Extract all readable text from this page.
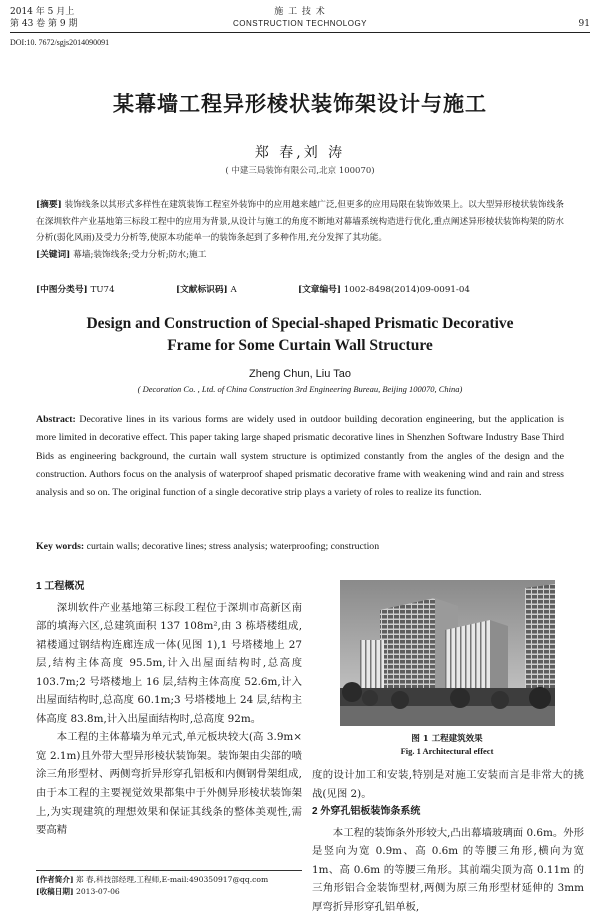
2014 年 5 月上	施 工 技 术
第 43 卷 第 9 期	CONSTRUCTION TECHNOLOGY	91
DOI:10. 7672/sgjs2014090091
某幕墙工程异形棱状装饰架设计与施工
郑 春,刘 涛
( 中建三局装饰有限公司,北京 100070)
[摘要] 装饰线条以其形式多样性在建筑装饰工程室外装饰中的应用越来越广泛,但更多的应用局限在装饰效果上。以大型异形棱状装饰线条在深圳软件产业基地第三标段工程中的应用为背景,从设计与施工的角度不断地对幕墙系统构造进行优化,重点阐述异形棱状装饰构架的防水分析(弱化风雨)及受力分析等,使原本功能单一的装饰条起到了多种作用,充分发挥了其功能。
[关键词] 幕墙;装饰线条;受力分析;防水;施工
[中图分类号] TU74	[文献标识码] A	[文章编号] 1002-8498(2014)09-0091-04
Design and Construction of Special-shaped Prismatic Decorative
Frame for Some Curtain Wall Structure
Zheng Chun, Liu Tao
( Decoration Co. , Ltd. of China Construction 3rd Engineering Bureau, Beijing 100070, China)
Abstract: Decorative lines in its various forms are widely used in outdoor building decoration engineering, but the application is more limited in decorative effect. This paper taking large shaped prismatic decorative lines in Shenzhen Software Industry Base Third Bids as engineering background, the curtain wall system structure is optimized constantly from the angles of the design and the construction. Authors focus on the analysis of waterproof shaped prismatic decorative frame with weakening wind and rain and stress analysis and so on. The original function of a single decorative strip plays a variety of roles to realize its function.
Key words: curtain walls; decorative lines; stress analysis; waterproofing; construction
1 工程概况
深圳软件产业基地第三标段工程位于深圳市高新区南部的填海六区,总建筑面积 137 108m²,由 3 栋塔楼组成,裙楼通过钢结构连廊连成一体(见图 1),1 号塔楼地上 27 层,结构主体高度 95.5m,计入出屋面结构时,总高度 103.7m;2 号塔楼地上 16 层,结构主体高度 52.6m,计入出屋面结构时,总高度 60.1m;3 号塔楼地上 24 层,结构主体高度 83.8m,计入出屋面结构时,总高度 92m。
本工程的主体幕墙为单元式,单元板块较大(高 3.9m×宽 2.1m)且外带大型异形棱状装饰架。装饰架由尖部的喷涂三角形型材、两侧弯折异形穿孔铝板和内侧钢骨架组成,由于本工程的主要视觉效果都集中于外侧异形棱状装饰架上,为实现建筑的理想效果和保证其线条的整体美观性,需要高精
[作者简介] 郑 春,科技部经理,工程师,E-mail:490350917@qq.com
[收稿日期] 2013-07-06
图 1 工程建筑效果
Fig. 1 Architectural effect
度的设计加工和安装,特别是对施工安装而言是非常大的挑战(见图 2)。
2 外穿孔铝板装饰条系统
本工程的装饰条外形较大,凸出幕墙玻璃面 0.6m。外形是竖向为宽 0.9m、高 0.6m 的等腰三角形,横向为宽 1m、高 0.6m 的等腰三角形。其前端尖顶为高 0.11m 的三角形铝合金装饰型材,两侧为原三角形型材延伸的 3mm 厚弯折异形穿孔铝单板,
